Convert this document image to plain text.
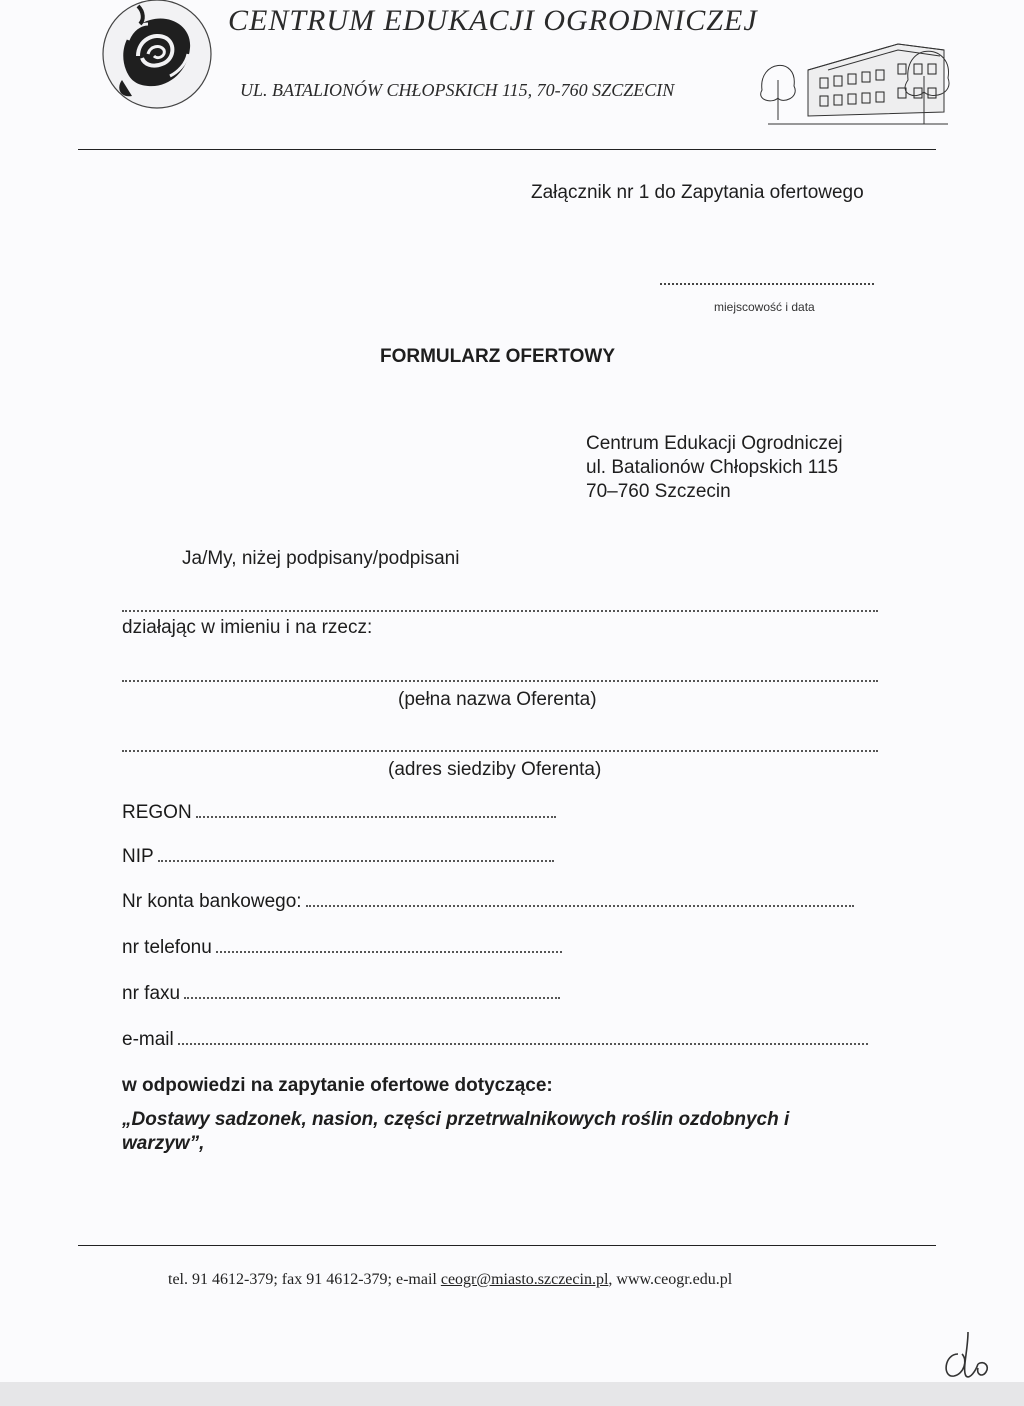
CENTRUM EDUKACJI OGRODNICZEJ
UL. BATALIONÓW CHŁOPSKICH 115, 70-760 SZCZECIN
Załącznik nr 1 do Zapytania ofertowego
miejscowość i data
FORMULARZ OFERTOWY
Centrum Edukacji Ogrodniczej
ul. Batalionów Chłopskich 115
70–760 Szczecin
Ja/My, niżej podpisany/podpisani
działając w imieniu i na rzecz:
(pełna nazwa Oferenta)
(adres siedziby Oferenta)
REGON
NIP
Nr konta bankowego:
nr telefonu
nr faxu
e-mail
w odpowiedzi na zapytanie ofertowe dotyczące:
„Dostawy sadzonek, nasion, części przetrwalnikowych roślin ozdobnych i warzyw”,
tel. 91 4612-379; fax 91 4612-379; e-mail ceogr@miasto.szczecin.pl, www.ceogr.edu.pl
